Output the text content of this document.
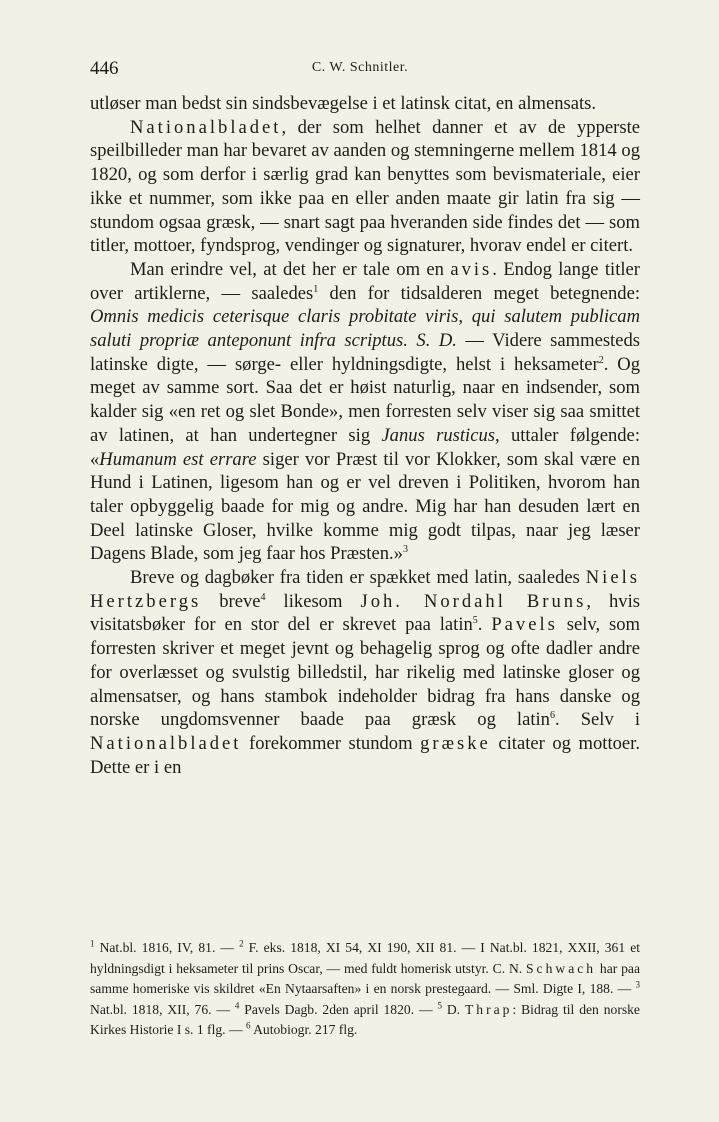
446	C. W. Schnitler.

utløser man bedst sin sindsbevægelse i et latinsk citat, en almensats.

Nationalbladet, der som helhet danner et av de ypperste speilbilleder man har bevaret av aanden og stemningerne mellem 1814 og 1820, og som derfor i særlig grad kan benyttes som bevismateriale, eier ikke et nummer, som ikke paa en eller anden maate gir latin fra sig — stundom ogsaa græsk, — snart sagt paa hveranden side findes det — som titler, mottoer, fyndsprog, vendinger og signaturer, hvorav endel er citert.

Man erindre vel, at det her er tale om en avis. Endog lange titler over artiklerne, — saaledes$^1$ den for tidsalderen meget betegnende: Omnis medicis ceterisque claris probitate viris, qui salutem publicam saluti propriæ anteponunt infra scriptus. S. D. — Videre sammesteds latinske digte, — sørge- eller hyldningsdigte, helst i heksameter$^2$. Og meget av samme sort. Saa det er høist naturlig, naar en indsender, som kalder sig «en ret og slet Bonde», men forresten selv viser sig saa smittet av latinen, at han undertegner sig Janus rusticus, uttaler følgende: «Humanum est errare siger vor Præst til vor Klokker, som skal være en Hund i Latinen, ligesom han og er vel dreven i Politiken, hvorom han taler opbyggelig baade for mig og andre. Mig har han desuden lært en Deel latinske Gloser, hvilke komme mig godt tilpas, naar jeg læser Dagens Blade, som jeg faar hos Præsten.»$^3$

Breve og dagbøker fra tiden er spækket med latin, saaledes Niels Hertzbergs breve$^4$ likesom Joh. Nordahl Bruns, hvis visitatsbøker for en stor del er skrevet paa latin$^5$. Pavels selv, som forresten skriver et meget jevnt og behagelig sprog og ofte dadler andre for overlæsset og svulstig billedstil, har rikelig med latinske gloser og almensatser, og hans stambok indeholder bidrag fra hans danske og norske ungdomsvenner baade paa græsk og latin$^6$. Selv i Nationalbladet forekommer stundom græske citater og mottoer. Dette er i en

$^1$ Nat.bl. 1816, IV, 81. — $^2$ F. eks. 1818, XI 54, XI 190, XII 81. — I Nat.bl. 1821, XXII, 361 et hyldningsdigt i heksameter til prins Oscar, — med fuldt homerisk utstyr. C. N. Schwach har paa samme homeriske vis skildret «En Nytaarsaften» i en norsk prestegaard. — Sml. Digte I, 188. — $^3$ Nat.bl. 1818, XII, 76. — $^4$ Pavels Dagb. 2den april 1820. — $^5$ D. Thrap: Bidrag til den norske Kirkes Historie I s. 1 flg. — $^6$ Autobiogr. 217 flg.
